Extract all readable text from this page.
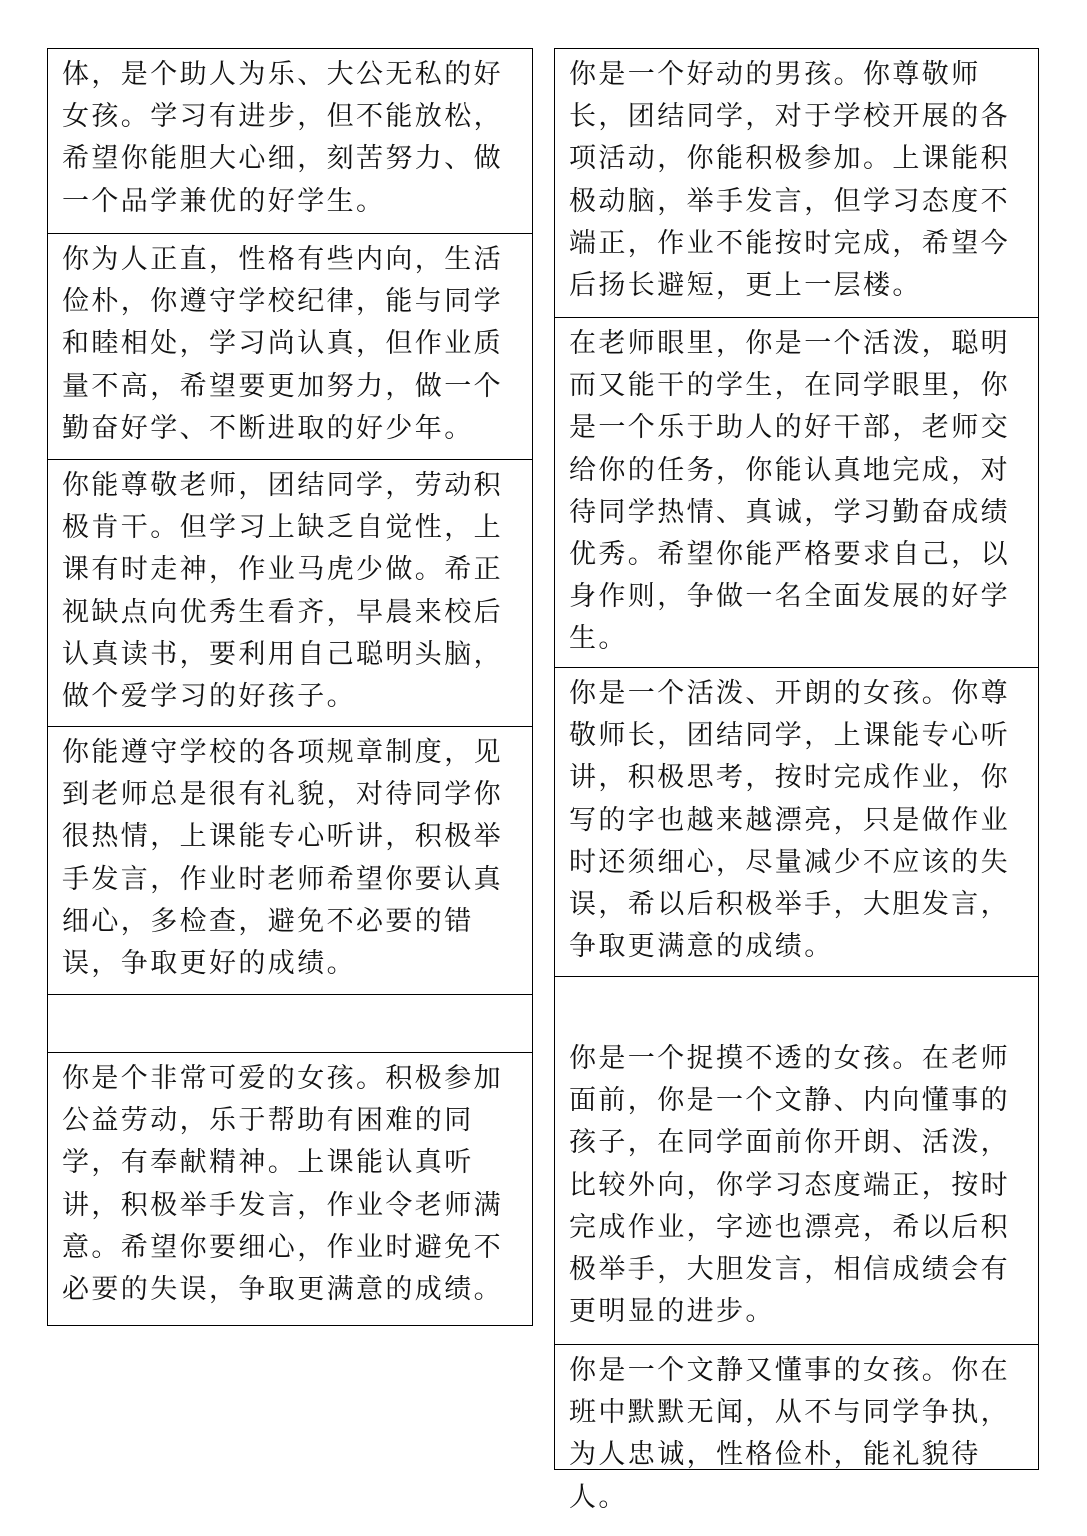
体，是个助人为乐、大公无私的好女孩。学习有进步，但不能放松，希望你能胆大心细，刻苦努力、做一个品学兼优的好学生。

你为人正直，性格有些内向，生活俭朴，你遵守学校纪律，能与同学和睦相处，学习尚认真，但作业质量不高，希望要更加努力，做一个勤奋好学、不断进取的好少年。

你能尊敬老师，团结同学，劳动积极肯干。但学习上缺乏自觉性，上课有时走神，作业马虎少做。希正视缺点向优秀生看齐，早晨来校后认真读书，要利用自己聪明头脑，做个爱学习的好孩子。

你能遵守学校的各项规章制度，见到老师总是很有礼貌，对待同学你很热情，上课能专心听讲，积极举手发言，作业时老师希望你要认真细心，多检查，避免不必要的错误，争取更好的成绩。

你是个非常可爱的女孩。积极参加公益劳动，乐于帮助有困难的同学，有奉献精神。上课能认真听讲，积极举手发言，作业令老师满意。希望你要细心，作业时避免不必要的失误，争取更满意的成绩。

你是一个好动的男孩。你尊敬师长，团结同学，对于学校开展的各项活动，你能积极参加。上课能积极动脑，举手发言，但学习态度不端正，作业不能按时完成，希望今后扬长避短，更上一层楼。

在老师眼里，你是一个活泼，聪明而又能干的学生，在同学眼里，你是一个乐于助人的好干部，老师交给你的任务，你能认真地完成，对待同学热情、真诚，学习勤奋成绩优秀。希望你能严格要求自己，以身作则，争做一名全面发展的好学生。

你是一个活泼、开朗的女孩。你尊敬师长，团结同学，上课能专心听讲，积极思考，按时完成作业，你写的字也越来越漂亮，只是做作业时还须细心，尽量减少不应该的失误，希以后积极举手，大胆发言，争取更满意的成绩。

你是一个捉摸不透的女孩。在老师面前，你是一个文静、内向懂事的孩子，在同学面前你开朗、活泼，比较外向，你学习态度端正，按时完成作业，字迹也漂亮，希以后积极举手，大胆发言，相信成绩会有更明显的进步。

你是一个文静又懂事的女孩。你在班中默默无闻，从不与同学争执，为人忠诚，性格俭朴，能礼貌待人。
